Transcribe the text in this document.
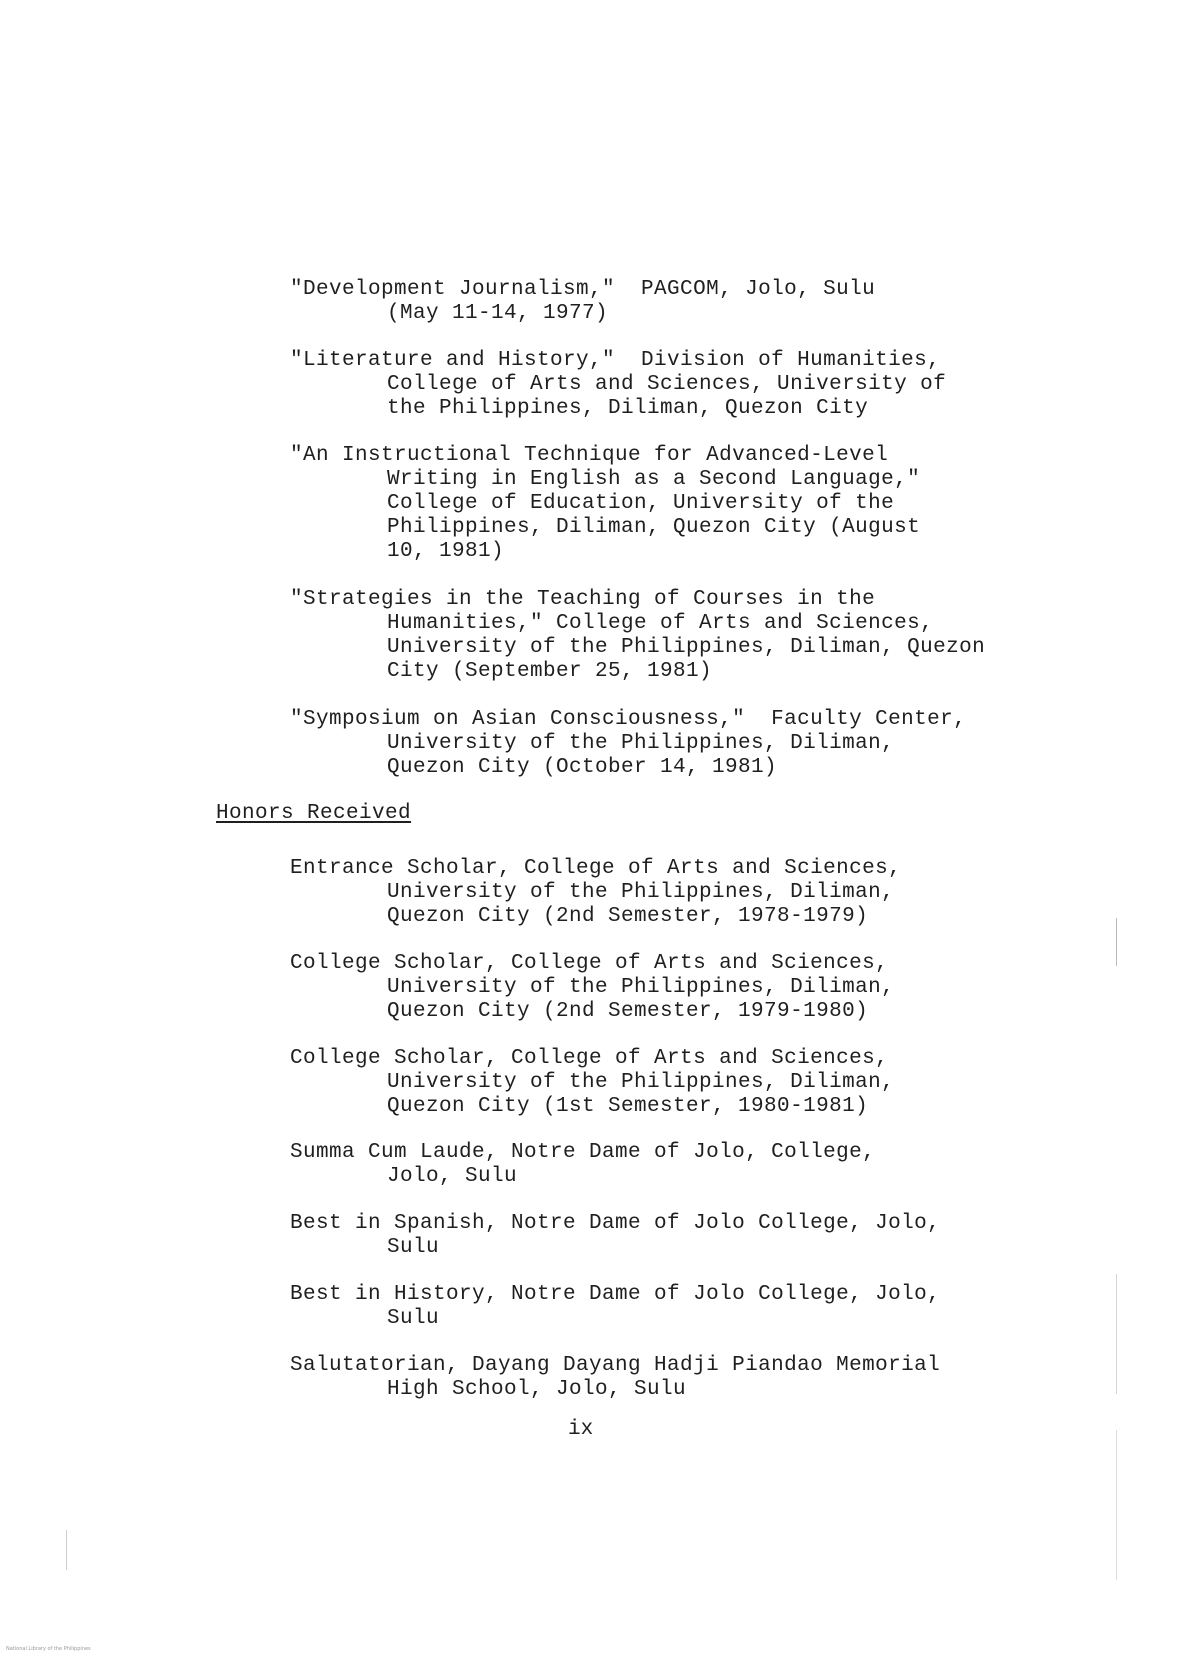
"Development Journalism,"  PAGCOM, Jolo, Sulu
(May 11-14, 1977)
"Literature and History,"  Division of Humanities,
College of Arts and Sciences, University of
the Philippines, Diliman, Quezon City
"An Instructional Technique for Advanced-Level
Writing in English as a Second Language,"
College of Education, University of the
Philippines, Diliman, Quezon City (August
10, 1981)
"Strategies in the Teaching of Courses in the
Humanities," College of Arts and Sciences,
University of the Philippines, Diliman, Quezon
City (September 25, 1981)
"Symposium on Asian Consciousness,"  Faculty Center,
University of the Philippines, Diliman,
Quezon City (October 14, 1981)
Honors Received
Entrance Scholar, College of Arts and Sciences,
University of the Philippines, Diliman,
Quezon City (2nd Semester, 1978-1979)
College Scholar, College of Arts and Sciences,
University of the Philippines, Diliman,
Quezon City (2nd Semester, 1979-1980)
College Scholar, College of Arts and Sciences,
University of the Philippines, Diliman,
Quezon City (1st Semester, 1980-1981)
Summa Cum Laude, Notre Dame of Jolo, College,
Jolo, Sulu
Best in Spanish, Notre Dame of Jolo College, Jolo,
Sulu
Best in History, Notre Dame of Jolo College, Jolo,
Sulu
Salutatorian, Dayang Dayang Hadji Piandao Memorial
High School, Jolo, Sulu
ix
National Library of the Philippines
